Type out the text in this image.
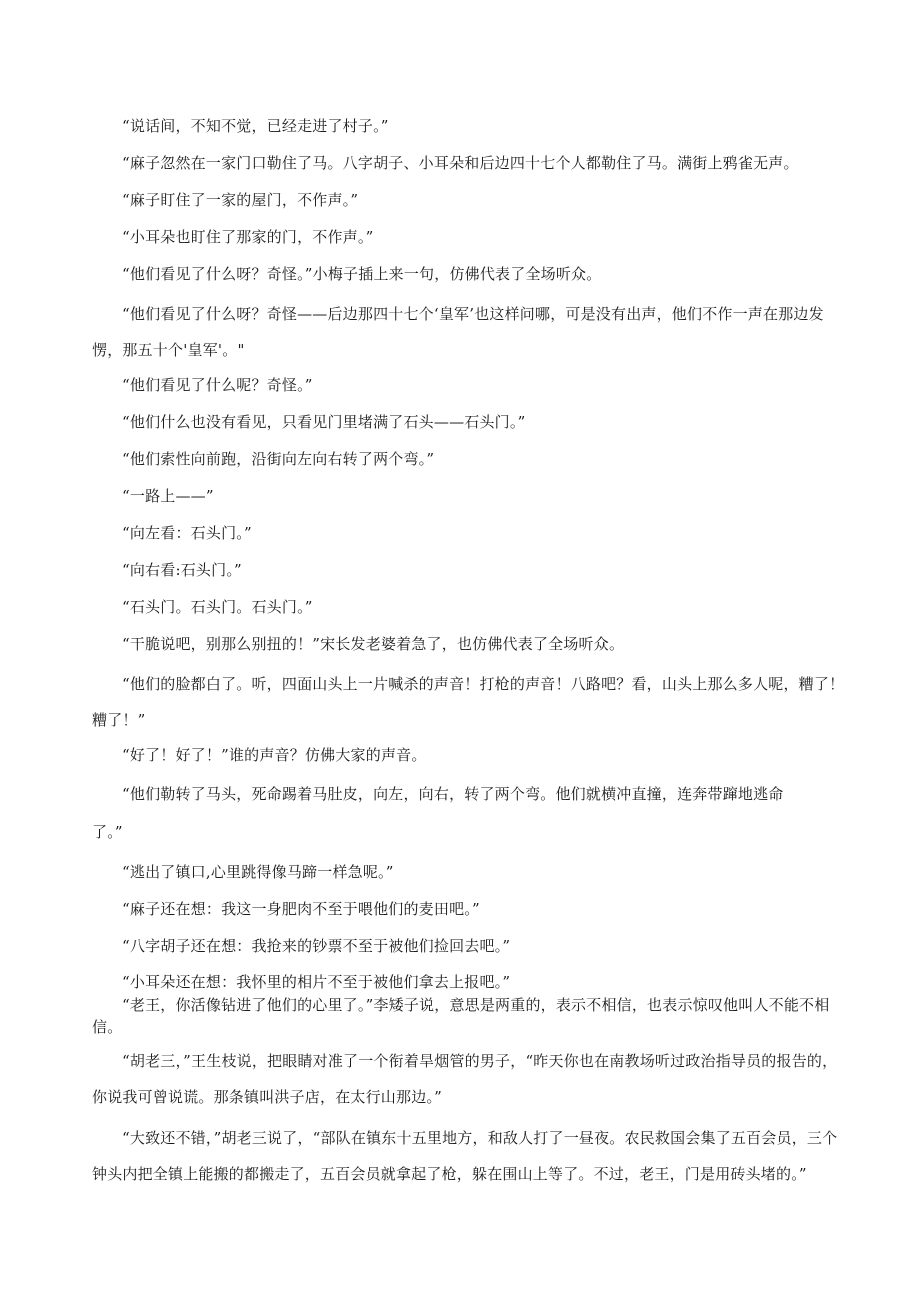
“说话间，不知不觉，已经走进了村子。”

“麻子忽然在一家门口勒住了马。八字胡子、小耳朵和后边四十七个人都勒住了马。满街上鸦雀无声。

“麻子盯住了一家的屋门，不作声。”

“小耳朵也盯住了那家的门，不作声。”

“他们看见了什么呀？奇怪。”小梅子插上来一句，仿佛代表了全场听众。

“他们看见了什么呀？奇怪——后边那四十七个‘皇军’也这样问哪，可是没有出声，他们不作一声在那边发愣，那五十个'皇军'。"

“他们看见了什么呢？奇怪。”

“他们什么也没有看见，只看见门里堵满了石头——石头门。”

“他们索性向前跑，沿街向左向右转了两个弯。”

“一路上——”

“向左看：石头门。”

“向右看:石头门。”

“石头门。石头门。石头门。”

“干脆说吧，别那么别扭的！”宋长发老婆着急了，也仿佛代表了全场听众。

“他们的脸都白了。听，四面山头上一片喊杀的声音！打枪的声音！八路吧？看，山头上那么多人呢，糟了！糟了！”

“好了！好了！”谁的声音？仿佛大家的声音。

“他们勒转了马头，死命踢着马肚皮，向左，向右，转了两个弯。他们就横冲直撞，连奔带蹿地逃命

了。”

“逃出了镇口,心里跳得像马蹄一样急呢。”

“麻子还在想：我这一身肥肉不至于喂他们的麦田吧。”

“八字胡子还在想：我抢来的钞票不至于被他们捡回去吧。”

“小耳朵还在想：我怀里的相片不至于被他们拿去上报吧。”

“老王，你活像钻进了他们的心里了。”李矮子说，意思是两重的，表示不相信，也表示惊叹他叫人不能不相信。

“胡老三，”王生枝说，把眼睛对准了一个衔着旱烟管的男子，“昨天你也在南教场听过政治指导员的报告的，你说我可曾说谎。那条镇叫洪子店，在太行山那边。”

“大致还不错，”胡老三说了，“部队在镇东十五里地方，和敌人打了一昼夜。农民救国会集了五百会员，三个钟头内把全镇上能搬的都搬走了，五百会员就拿起了枪，躲在围山上等了。不过，老王，门是用砖头堵的。”
